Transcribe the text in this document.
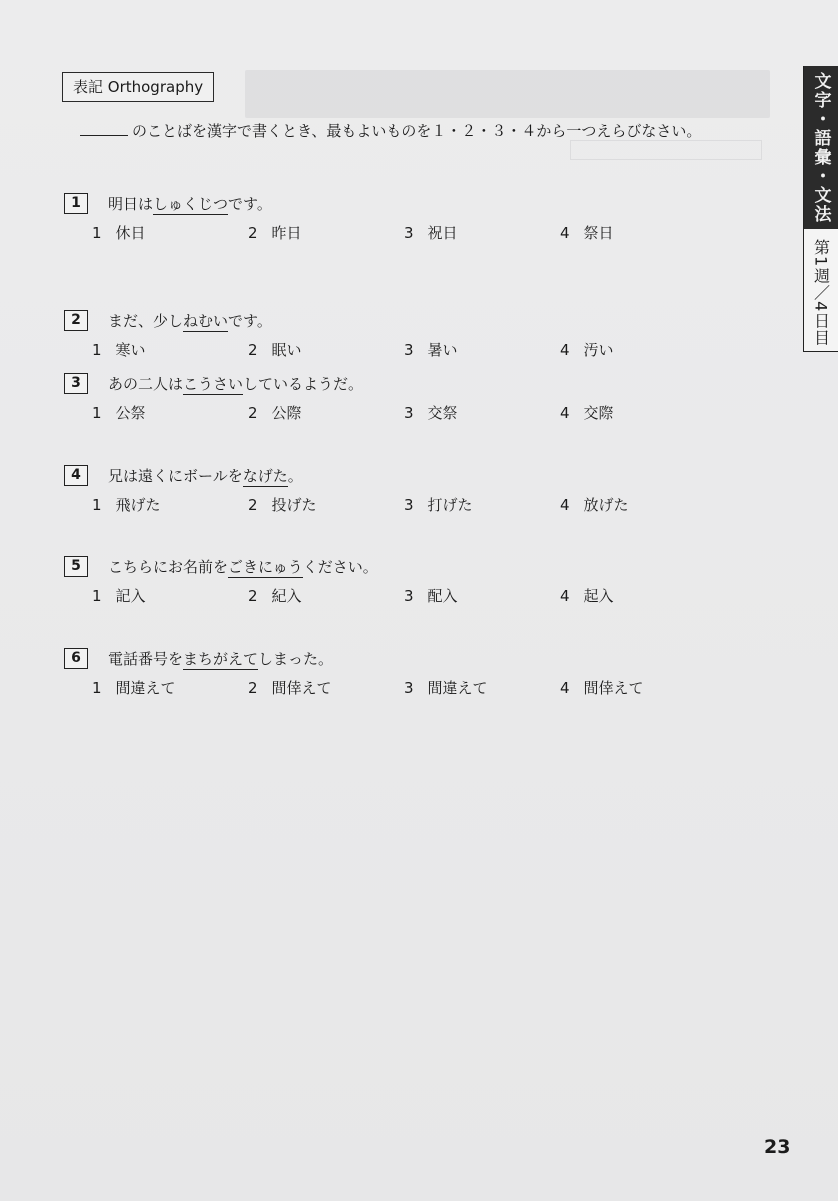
表記 Orthography
のことばを漢字で書くとき、最もよいものを１・２・３・４から一つえらびなさい。
1	明日はしゅくじつです。
1 休日	2 昨日	3 祝日	4 祭日
2	まだ、少しねむいです。
1 寒い	2 眠い	3 暑い	4 汚い
3	あの二人はこうさいしているようだ。
1 公祭	2 公際	3 交祭	4 交際
4	兄は遠くにボールをなげた。
1 飛げた	2 投げた	3 打げた	4 放げた
5	こちらにお名前をごきにゅうください。
1 記入	2 紀入	3 配入	4 起入
6	電話番号をまちがえてしまった。
1 間違えて	2 間倖えて	3 間違えて	4 間倖えて
文字・語彙・文法
第1週／4日目
23
